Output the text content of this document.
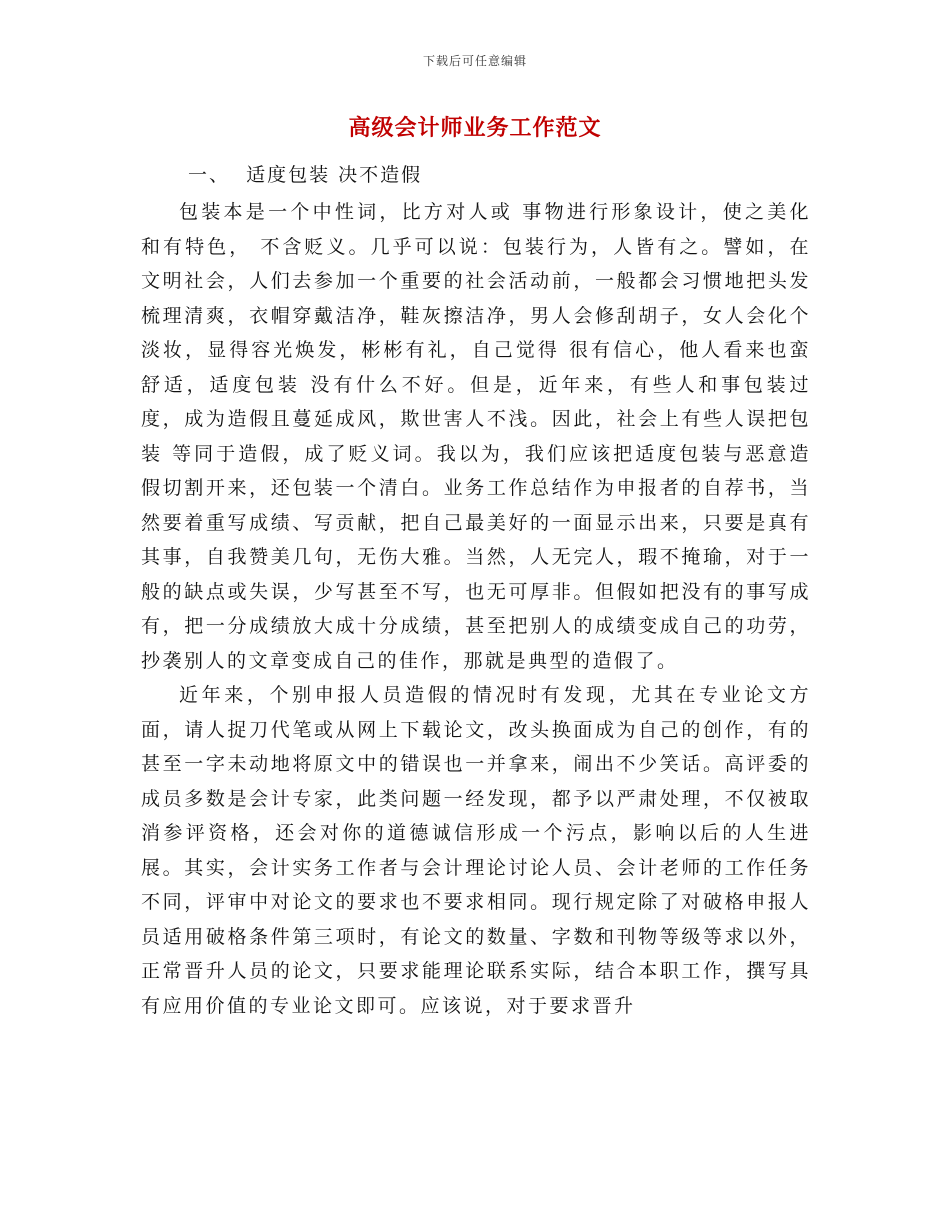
下载后可任意编辑
高级会计师业务工作范文
一、  适度包装 决不造假

包装本是一个中性词，比方对人或 事物进行形象设计，使之美化和有特色， 不含贬义。几乎可以说：包装行为，人皆有之。譬如，在文明社会，人们去参加一个重要的社会活动前，一般都会习惯地把头发梳理清爽，衣帽穿戴洁净，鞋灰擦洁净，男人会修刮胡子，女人会化个淡妆，显得容光焕发，彬彬有礼，自己觉得 很有信心，他人看来也蛮舒适，适度包装 没有什么不好。但是，近年来，有些人和事包装过度，成为造假且蔓延成风，欺世害人不浅。因此，社会上有些人误把包装 等同于造假，成了贬义词。我以为，我们应该把适度包装与恶意造假切割开来，还包装一个清白。业务工作总结作为申报者的自荐书，当然要着重写成绩、写贡献，把自己最美好的一面显示出来，只要是真有其事，自我赞美几句，无伤大雅。当然，人无完人，瑕不掩瑜，对于一般的缺点或失误，少写甚至不写，也无可厚非。但假如把没有的事写成有，把一分成绩放大成十分成绩，甚至把别人的成绩变成自己的功劳，抄袭别人的文章变成自己的佳作，那就是典型的造假了。

近年来，个别申报人员造假的情况时有发现，尤其在专业论文方面，请人捉刀代笔或从网上下载论文，改头换面成为自己的创作，有的甚至一字未动地将原文中的错误也一并拿来，闹出不少笑话。高评委的成员多数是会计专家，此类问题一经发现，都予以严肃处理，不仅被取消参评资格，还会对你的道德诚信形成一个污点，影响以后的人生进展。其实，会计实务工作者与会计理论讨论人员、会计老师的工作任务不同，评审中对论文的要求也不要求相同。现行规定除了对破格申报人员适用破格条件第三项时，有论文的数量、字数和刊物等级等求以外，正常晋升人员的论文，只要求能理论联系实际，结合本职工作，撰写具有应用价值的专业论文即可。应该说，对于要求晋升
